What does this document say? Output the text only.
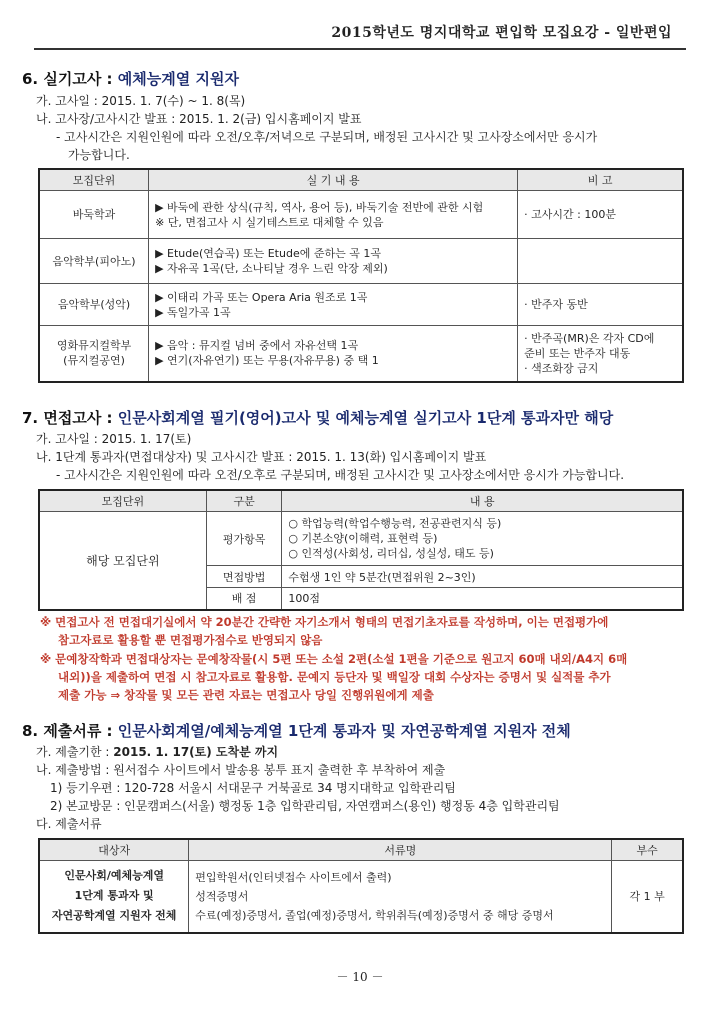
2015학년도 명지대학교 편입학 모집요강 - 일반편입
6. 실기고사 : 예체능계열 지원자
가. 고사일 : 2015. 1. 7(수) ~ 1. 8(목)
나. 고사장/고사시간 발표 : 2015. 1. 2(금) 입시홈페이지 발표
- 고사시간은 지원인원에 따라 오전/오후/저녁으로 구분되며, 배정된 고사시간 및 고사장소에서만 응시가
가능합니다.
모집단위	실 기 내 용	비 고

바둑학과	▶ 바둑에 관한 상식(규칙, 역사, 용어 등), 바둑기술 전반에 관한 시험
※ 단, 면접고사 시 실기테스트로 대체할 수 있음	· 고사시간 : 100분

음악학부(피아노)	▶ Etude(연습곡) 또는 Etude에 준하는 곡 1곡
▶ 자유곡 1곡(단, 소나티날 경우 느린 악장 제외)	

음악학부(성악)	▶ 이태리 가곡 또는 Opera Aria 원조로 1곡
▶ 독일가곡 1곡	· 반주자 동반

영화뮤지컬학부
(뮤지컬공연)	▶ 음악 : 뮤지컬 넘버 중에서 자유선택 1곡
▶ 연기(자유연기) 또는 무용(자유무용) 중 택 1	· 반주곡(MR)은 각자 CD에
준비 또는 반주자 대동
· 색조화장 금지
7. 면접고사 : 인문사회계열 필기(영어)고사 및 예체능계열 실기고사 1단계 통과자만 해당
가. 고사일 : 2015. 1. 17(토)
나. 1단계 통과자(면접대상자) 및 고사시간 발표 : 2015. 1. 13(화) 입시홈페이지 발표
- 고사시간은 지원인원에 따라 오전/오후로 구분되며, 배정된 고사시간 및 고사장소에서만 응시가 가능합니다.
모집단위	구분	내 용
해당 모집단위	평가항목	○ 학업능력(학업수행능력, 전공관련지식 등)
○ 기본소양(이해력, 표현력 등)
○ 인적성(사회성, 리더십, 성실성, 태도 등)

	면접방법	수험생 1인 약 5분간(면접위원 2~3인)
	배 점	100점
※ 면접고사 전 면접대기실에서 약 20분간 간략한 자기소개서 형태의 면접기초자료를 작성하며, 이는 면접평가에
참고자료로 활용할 뿐 면접평가점수로 반영되지 않음
※ 문예창작학과 면접대상자는 문예창작물(시 5편 또는 소설 2편(소설 1편을 기준으로 원고지 60매 내외/A4지 6매
내외))을 제출하여 면접 시 참고자료로 활용함. 문예지 등단자 및 백일장 대회 수상자는 증명서 및 실적물 추가
제출 가능 ⇒ 창작물 및 모든 관련 자료는 면접고사 당일 진행위원에게 제출
8. 제출서류 : 인문사회계열/예체능계열 1단계 통과자 및 자연공학계열 지원자 전체
가. 제출기한 : 2015. 1. 17(토) 도착분 까지
나. 제출방법 : 원서접수 사이트에서 발송용 봉투 표지 출력한 후 부착하여 제출
1) 등기우편 : 120-728 서울시 서대문구 거북골로 34 명지대학교 입학관리팀
2) 본교방문 : 인문캠퍼스(서울) 행정동 1층 입학관리팀, 자연캠퍼스(용인) 행정동 4층 입학관리팀
다. 제출서류
대상자	서류명	부수

인문사회/예체능계열
1단계 통과자 및
자연공학계열 지원자 전체	편입학원서(인터넷접수 사이트에서 출력)
성적증명서
수료(예정)증명서, 졸업(예정)증명서, 학위취득(예정)증명서 중 해당 증명서	각 1 부
－ 10 －
